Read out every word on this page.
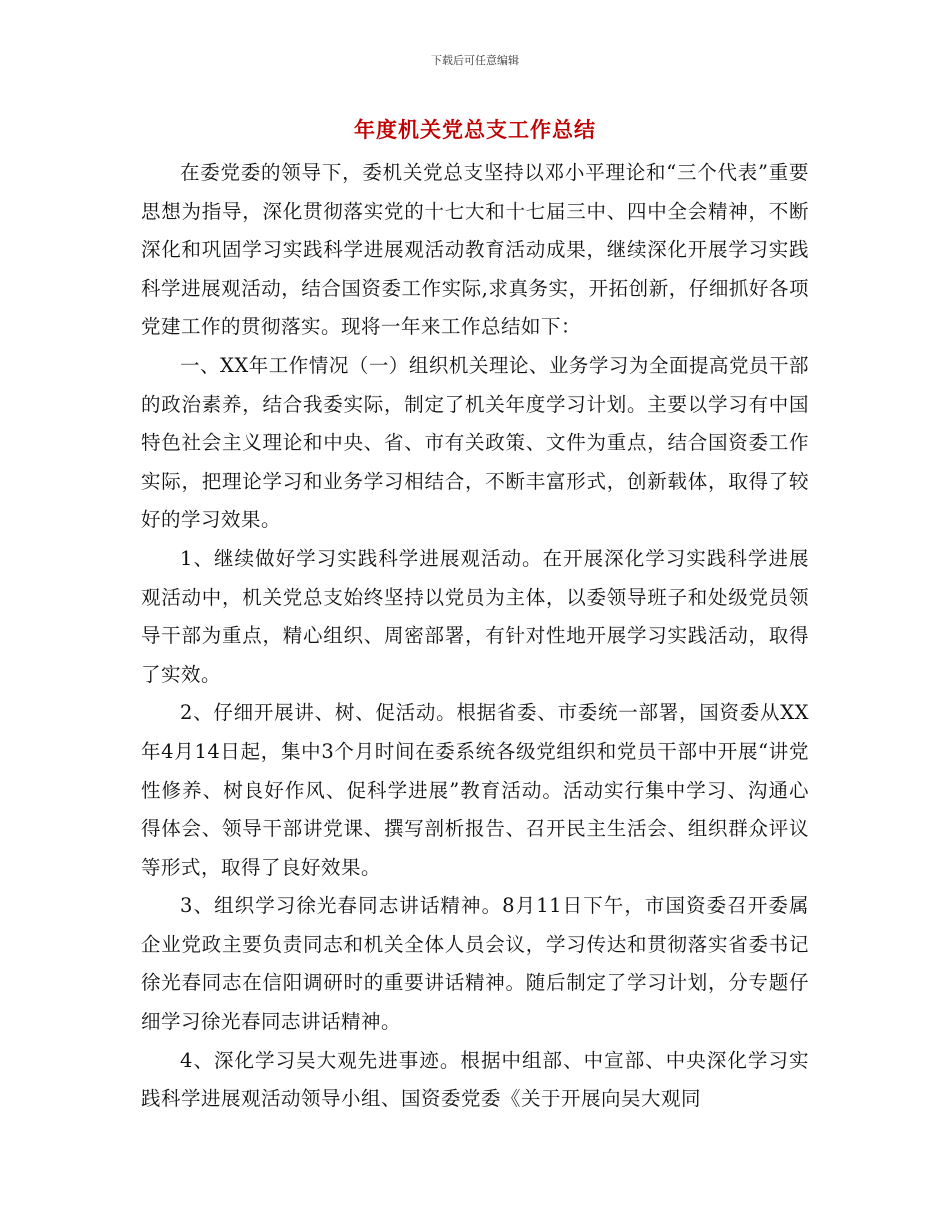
下载后可任意编辑
年度机关党总支工作总结

在委党委的领导下，委机关党总支坚持以邓小平理论和“三个代表”重要思想为指导，深化贯彻落实党的十七大和十七届三中、四中全会精神，不断深化和巩固学习实践科学进展观活动教育活动成果，继续深化开展学习实践科学进展观活动，结合国资委工作实际,求真务实，开拓创新，仔细抓好各项党建工作的贯彻落实。现将一年来工作总结如下：

一、XX年工作情况（一）组织机关理论、业务学习为全面提高党员干部的政治素养，结合我委实际，制定了机关年度学习计划。主要以学习有中国特色社会主义理论和中央、省、市有关政策、文件为重点，结合国资委工作实际，把理论学习和业务学习相结合，不断丰富形式，创新载体，取得了较好的学习效果。

1、继续做好学习实践科学进展观活动。在开展深化学习实践科学进展观活动中，机关党总支始终坚持以党员为主体，以委领导班子和处级党员领导干部为重点，精心组织、周密部署，有针对性地开展学习实践活动，取得了实效。

2、仔细开展讲、树、促活动。根据省委、市委统一部署，国资委从XX年4月14日起，集中3个月时间在委系统各级党组织和党员干部中开展“讲党性修养、树良好作风、促科学进展”教育活动。活动实行集中学习、沟通心得体会、领导干部讲党课、撰写剖析报告、召开民主生活会、组织群众评议等形式，取得了良好效果。

3、组织学习徐光春同志讲话精神。8月11日下午，市国资委召开委属企业党政主要负责同志和机关全体人员会议，学习传达和贯彻落实省委书记徐光春同志在信阳调研时的重要讲话精神。随后制定了学习计划，分专题仔细学习徐光春同志讲话精神。

4、深化学习吴大观先进事迹。根据中组部、中宣部、中央深化学习实践科学进展观活动领导小组、国资委党委《关于开展向吴大观同
